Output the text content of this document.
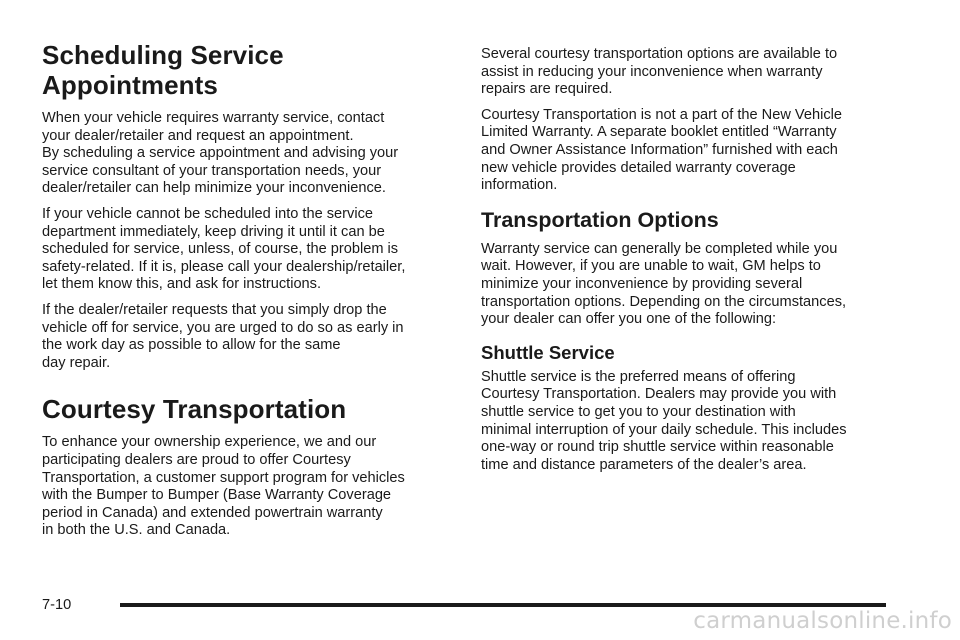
Scheduling Service Appointments

When your vehicle requires warranty service, contact
your dealer/retailer and request an appointment.

By scheduling a service appointment and advising your
service consultant of your transportation needs, your
dealer/retailer can help minimize your inconvenience.

If your vehicle cannot be scheduled into the service
department immediately, keep driving it until it can be
scheduled for service, unless, of course, the problem is
safety-related. If it is, please call your dealership/retailer,
let them know this, and ask for instructions.

If the dealer/retailer requests that you simply drop the
vehicle off for service, you are urged to do so as early in
the work day as possible to allow for the same
day repair.

Courtesy Transportation

To enhance your ownership experience, we and our
participating dealers are proud to offer Courtesy
Transportation, a customer support program for vehicles
with the Bumper to Bumper (Base Warranty Coverage
period in Canada) and extended powertrain warranty
in both the U.S. and Canada.

Several courtesy transportation options are available to
assist in reducing your inconvenience when warranty
repairs are required.

Courtesy Transportation is not a part of the New Vehicle
Limited Warranty. A separate booklet entitled “Warranty
and Owner Assistance Information” furnished with each
new vehicle provides detailed warranty coverage
information.

Transportation Options

Warranty service can generally be completed while you
wait. However, if you are unable to wait, GM helps to
minimize your inconvenience by providing several
transportation options. Depending on the circumstances,
your dealer can offer you one of the following:

Shuttle Service

Shuttle service is the preferred means of offering
Courtesy Transportation. Dealers may provide you with
shuttle service to get you to your destination with
minimal interruption of your daily schedule. This includes
one-way or round trip shuttle service within reasonable
time and distance parameters of the dealer’s area.

7-10
carmanualsonline.info
